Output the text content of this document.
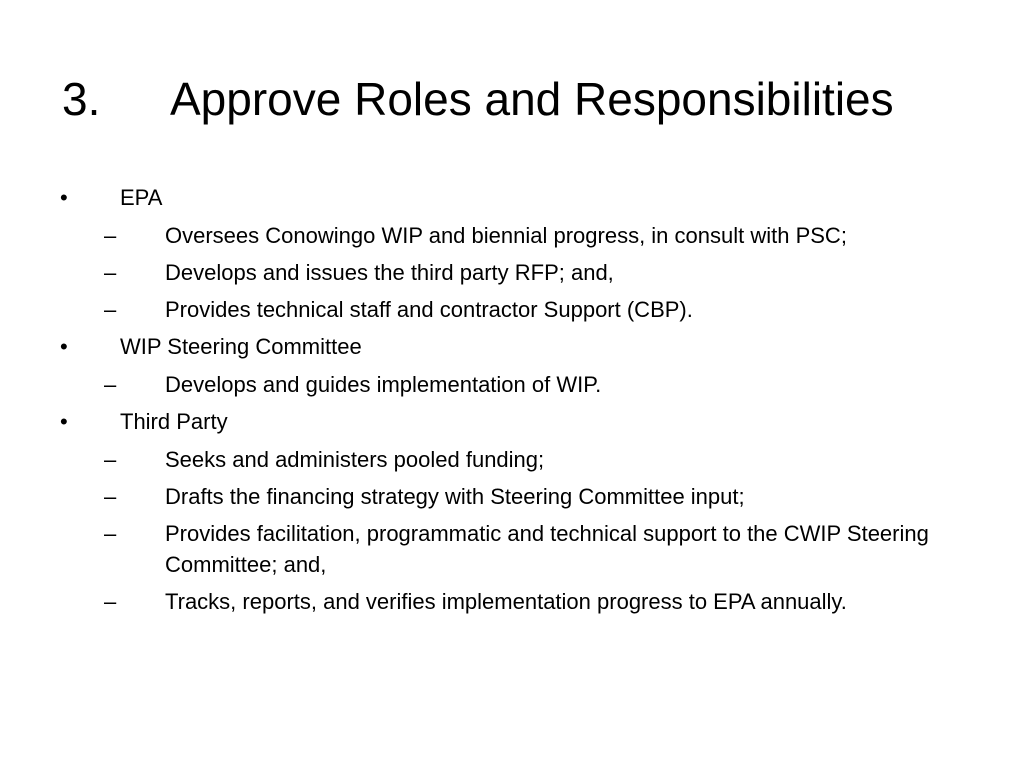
3. Approve Roles and Responsibilities
• EPA
– Oversees Conowingo WIP and biennial progress, in consult with PSC;
– Develops and issues the third party RFP; and,
– Provides technical staff and contractor Support (CBP).
• WIP Steering Committee
– Develops and guides implementation of WIP.
• Third Party
– Seeks and administers pooled funding;
– Drafts the financing strategy with Steering Committee input;
– Provides facilitation, programmatic and technical support to the CWIP Steering Committee; and,
– Tracks, reports, and verifies implementation progress to EPA annually.
